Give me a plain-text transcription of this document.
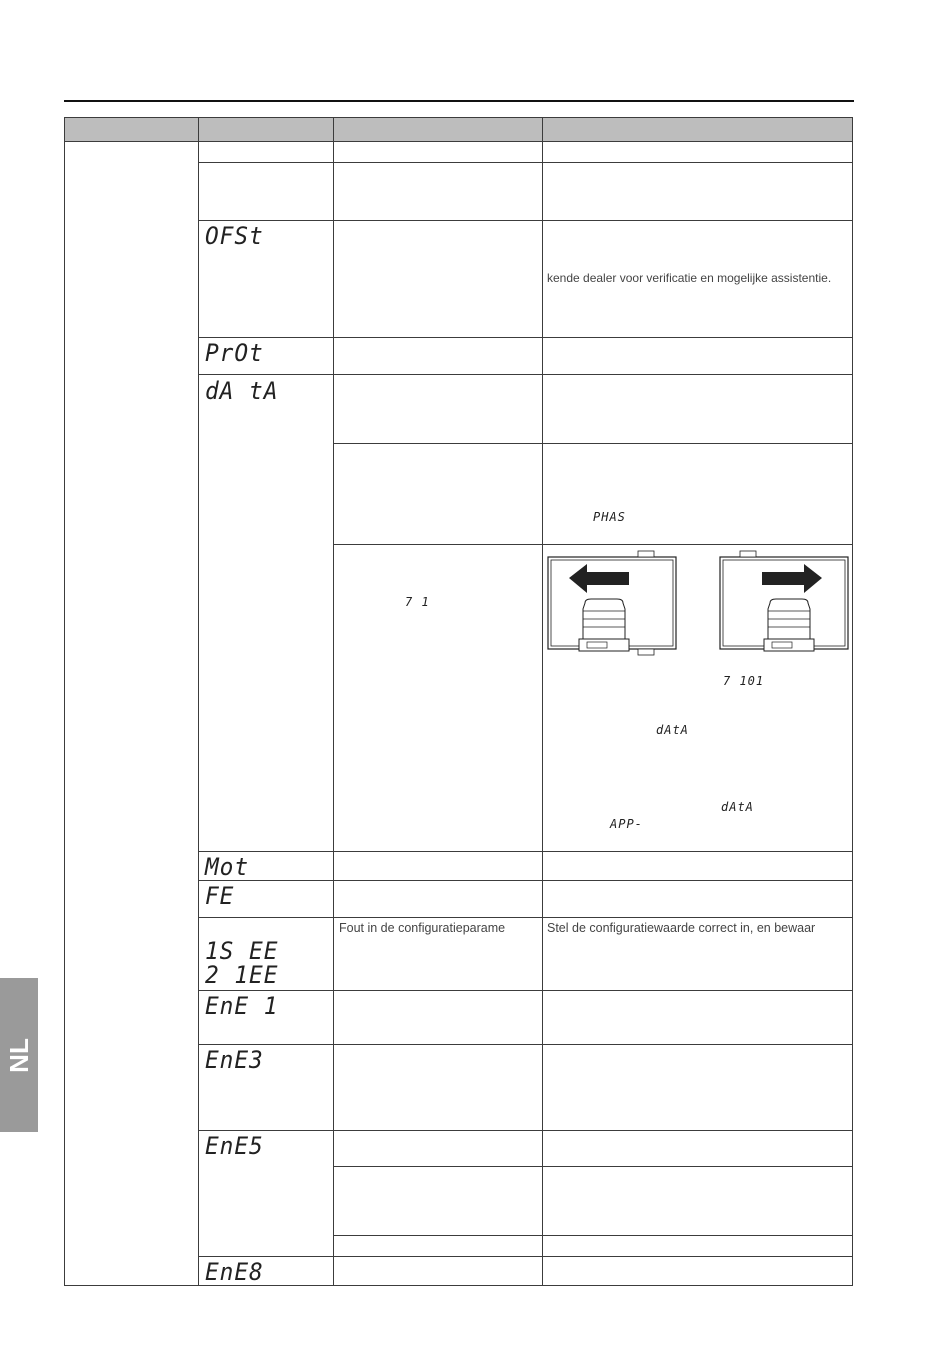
OFSt
PrOt
dA tA
Mot
FE
1S EE
2 1EE
EnE 1
EnE3
EnE5
EnE8
kende dealer voor verificatie en mogelijke assistentie.
Fout in de configuratieparame	Stel de configuratiewaarde correct in, en bewaar
PHAS
7 1
7 101
dAtA
dAtA
APP-
NL
